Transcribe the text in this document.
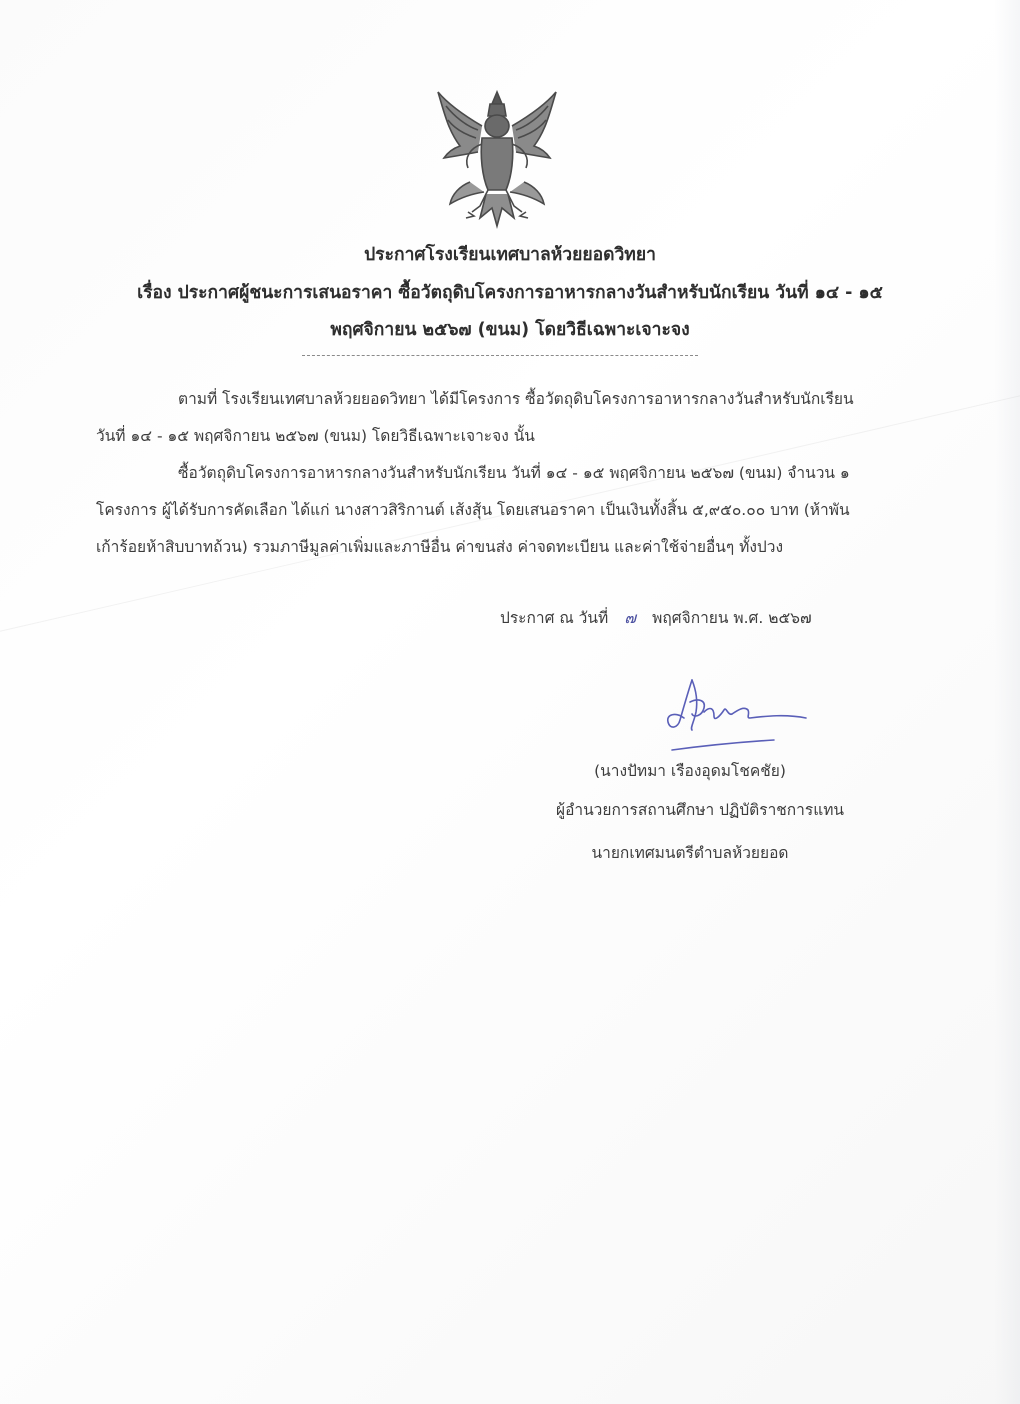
ประกาศโรงเรียนเทศบาลห้วยยอดวิทยา
เรื่อง ประกาศผู้ชนะการเสนอราคา ซื้อวัตถุดิบโครงการอาหารกลางวันสำหรับนักเรียน วันที่ ๑๔ - ๑๕
พฤศจิกายน ๒๕๖๗ (ขนม) โดยวิธีเฉพาะเจาะจง
ตามที่ โรงเรียนเทศบาลห้วยยอดวิทยา ได้มีโครงการ ซื้อวัตถุดิบโครงการอาหารกลางวันสำหรับนักเรียน
วันที่ ๑๔ - ๑๕ พฤศจิกายน ๒๕๖๗ (ขนม) โดยวิธีเฉพาะเจาะจง นั้น
ซื้อวัตถุดิบโครงการอาหารกลางวันสำหรับนักเรียน วันที่ ๑๔ - ๑๕ พฤศจิกายน ๒๕๖๗ (ขนม) จำนวน ๑
โครงการ ผู้ได้รับการคัดเลือก ได้แก่ นางสาวสิริกานต์ เส้งสุ้น โดยเสนอราคา เป็นเงินทั้งสิ้น ๕,๙๕๐.๐๐ บาท (ห้าพัน
เก้าร้อยห้าสิบบาทถ้วน) รวมภาษีมูลค่าเพิ่มและภาษีอื่น ค่าขนส่ง ค่าจดทะเบียน และค่าใช้จ่ายอื่นๆ ทั้งปวง
ประกาศ ณ วันที่ ๗ พฤศจิกายน พ.ศ. ๒๕๖๗
(นางปัทมา เรืองอุดมโชคชัย)
ผู้อำนวยการสถานศึกษา ปฏิบัติราชการแทน
นายกเทศมนตรีตำบลห้วยยอด
